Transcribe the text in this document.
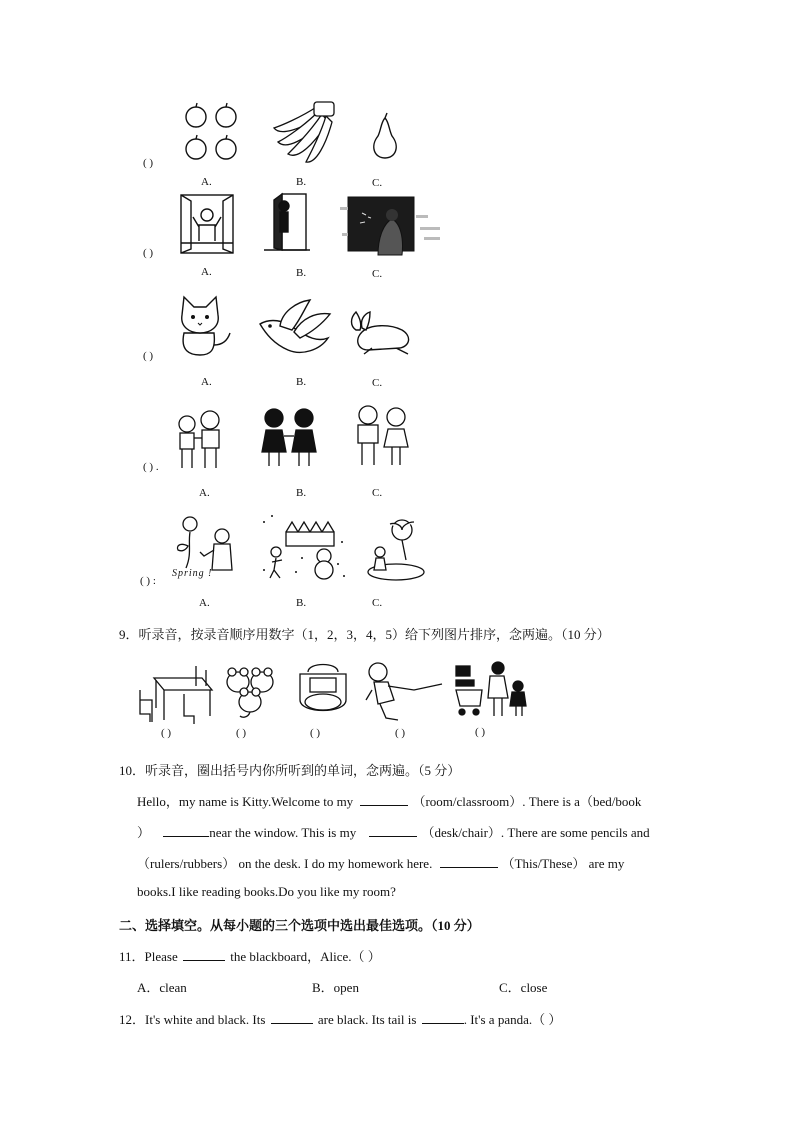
( )
A.	B.	C.
( )
A.	B.	C.
( )
A.	B.	C.
( ) .
A.	B.	C.
( ) :
Spring !
A.	B.	C.
9．听录音，按录音顺序用数字（1，2，3，4，5）给下列图片排序，念两遍。（10 分）
( )	( )	( )	( )	( )
10．听录音，圈出括号内你所听到的单词，念两遍。（5 分）
Hello，my name is Kitty.Welcome to my	（room/classroom）. There is a（bed/book
）	near the window. This is my	（desk/chair）. There are some pencils and
（rulers/rubbers） on the desk. I do my homework here.	（This/These） are my
books.I like reading books.Do you like my room?
二、选择填空。从每小题的三个选项中选出最佳选项。（10 分）
11．Please	the blackboard，Alice.（ ）
A．clean	B．open	C．close
12．It's white and black. Its	are black. Its tail is	. It's a panda.（ ）
